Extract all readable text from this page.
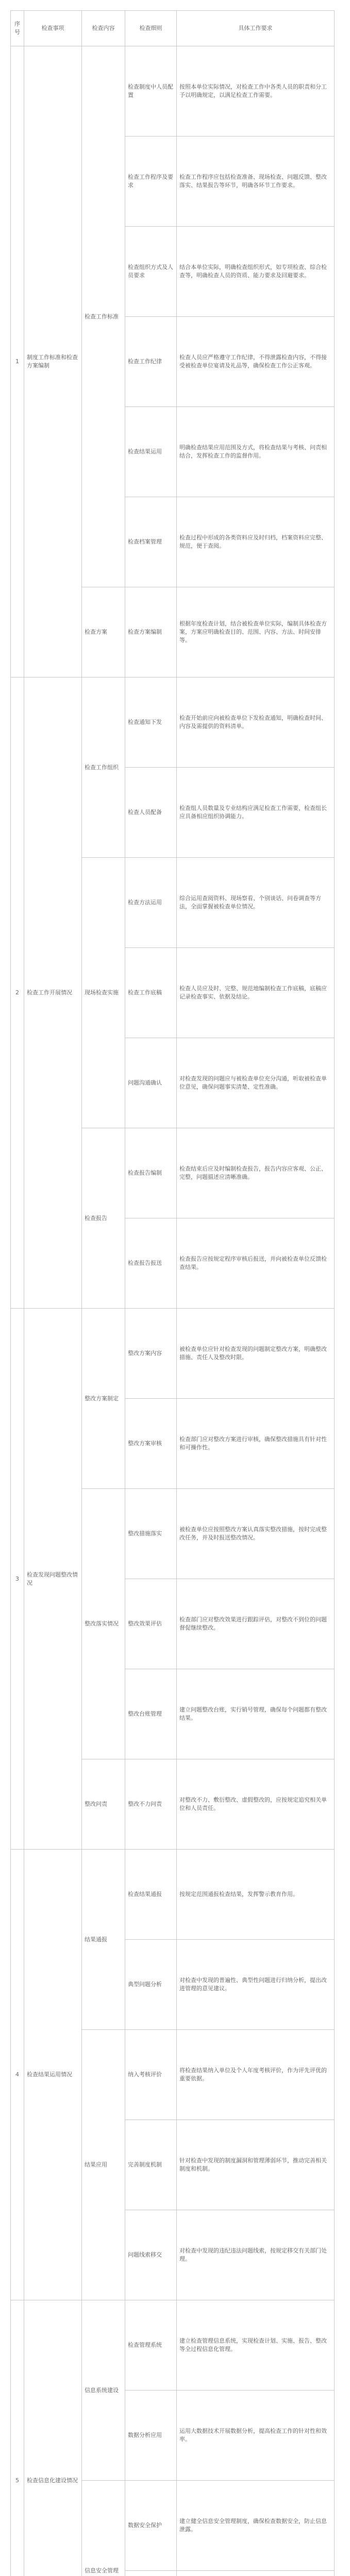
序号	检查事项	检查内容	检查细则	具体工作要求
1	制度工作标准和检查方案编制	检查工作标准	检查制度中人员配置	按照本单位实际情况，对检查工作中各类人员的职责和分工予以明确规定，以满足检查工作需要。
			检查工作程序及要求	检查工作程序应包括检查准备、现场检查、问题反馈、整改落实、结果报告等环节，明确各环节工作要求。
			检查组织方式及人员要求	结合本单位实际，明确检查组织形式，如专项检查、综合检查等，明确检查人员的资质、能力要求及回避要求。
			检查工作纪律	检查人员应严格遵守工作纪律，不得泄露检查内容，不得接受被检查单位宴请及礼品等，确保检查工作公正客观。
			检查结果运用	明确检查结果应用范围及方式，将检查结果与考核、问责相结合，发挥检查工作的监督作用。
			检查档案管理	检查过程中形成的各类资料应及时归档，档案资料应完整、规范，便于查阅。
		检查方案	检查方案编制	根据年度检查计划，结合被检查单位实际，编制具体检查方案，方案应明确检查目的、范围、内容、方法、时间安排等。
2	检查工作开展情况	检查工作组织	检查通知下发	检查开始前应向被检查单位下发检查通知，明确检查时间、内容及需提供的资料清单。
			检查人员配备	检查组人员数量及专业结构应满足检查工作需要，检查组长应具备相应组织协调能力。
		现场检查实施	检查方法运用	综合运用查阅资料、现场察看、个别谈话、问卷调查等方法，全面掌握被检查单位情况。
			检查工作底稿	检查人员应及时、完整、规范地编制检查工作底稿，底稿应记录检查事实、依据及结论。
			问题沟通确认	对检查发现的问题应与被检查单位充分沟通，听取被检查单位意见，确保问题事实清楚、定性准确。
		检查报告	检查报告编制	检查结束后应及时编制检查报告，报告内容应客观、公正、完整，问题描述应清晰准确。
			检查报告报送	检查报告应按规定程序审核后报送，并向被检查单位反馈检查结果。
3	检查发现问题整改情况	整改方案制定	整改方案内容	被检查单位应针对检查发现的问题制定整改方案，明确整改措施、责任人及整改时限。
			整改方案审核	检查部门应对整改方案进行审核，确保整改措施具有针对性和可操作性。
		整改落实情况	整改措施落实	被检查单位应按照整改方案认真落实整改措施，按时完成整改任务，并及时报送整改情况。
			整改效果评估	检查部门应对整改效果进行跟踪评估，对整改不到位的问题督促继续整改。
			整改台账管理	建立问题整改台账，实行销号管理，确保每个问题都有整改结果。
		整改问责	整改不力问责	对整改不力、敷衍整改、虚假整改的，应按规定追究相关单位和人员责任。
4	检查结果运用情况	结果通报	检查结果通报	按规定范围通报检查结果，发挥警示教育作用。
			典型问题分析	对检查中发现的普遍性、典型性问题进行归纳分析，提出改进管理的意见建议。
		结果应用	纳入考核评价	将检查结果纳入单位及个人年度考核评价，作为评先评优的重要依据。
			完善制度机制	针对检查中发现的制度漏洞和管理薄弱环节，推动完善相关制度和机制。
			问题线索移交	对检查中发现的违纪违法问题线索，按规定移交有关部门处理。
5	检查信息化建设情况	信息系统建设	检查管理系统	建立检查管理信息系统，实现检查计划、实施、报告、整改等全过程信息化管理。
			数据分析应用	运用大数据技术开展数据分析，提高检查工作的针对性和效率。
		信息安全管理	数据安全保护	建立健全信息安全管理制度，确保检查数据安全，防止信息泄露。
